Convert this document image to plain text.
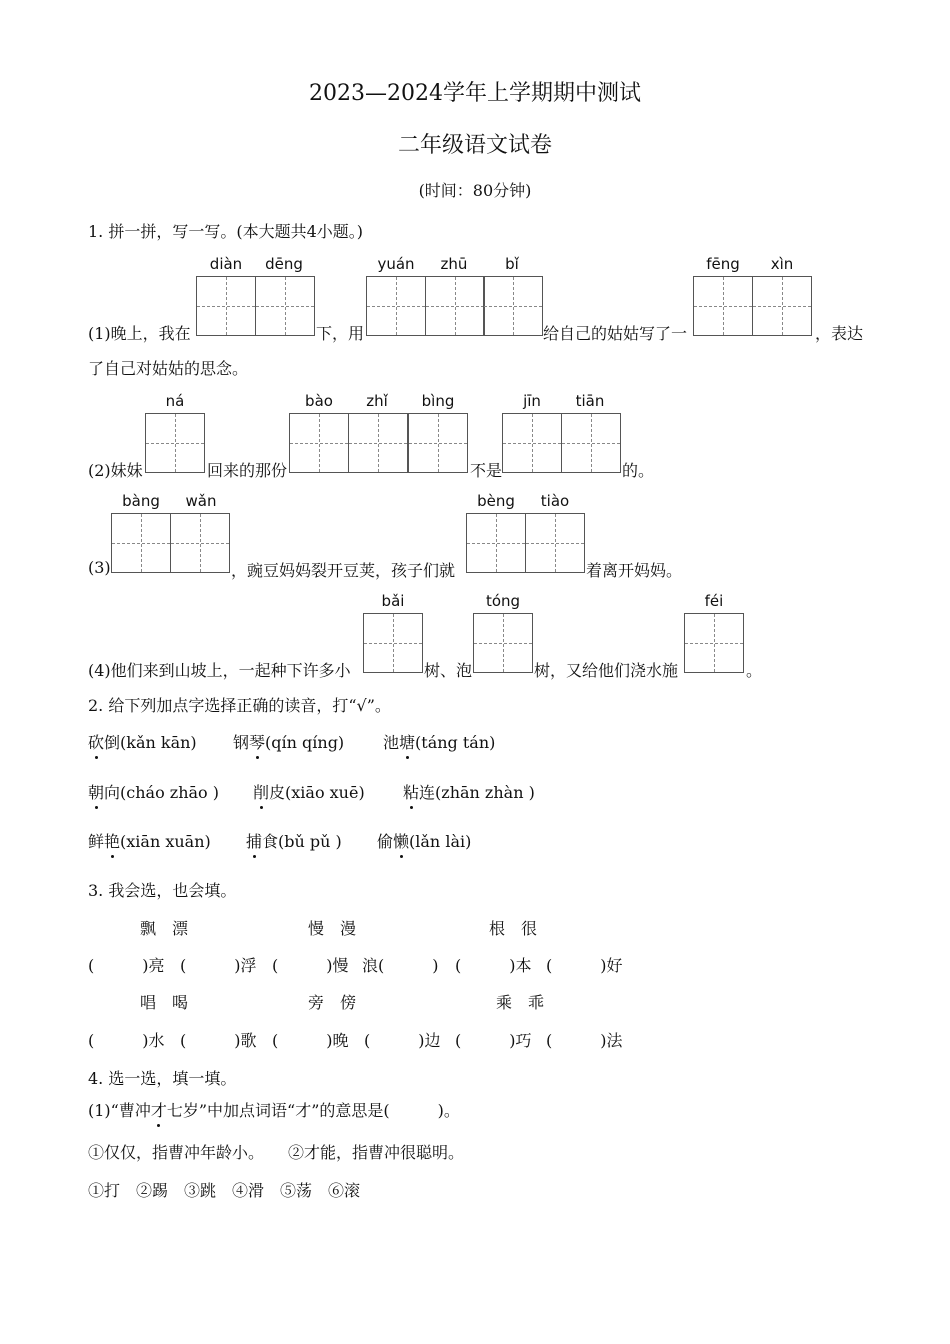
2023—2024学年上学期期中测试
二年级语文试卷
(时间：80分钟)
1. 拼一拼，写一写。(本大题共4小题。)
diàn	dēng	yuán	zhū	bǐ	fēng	xìn
(1)晚上，我在	下，用	给自己的姑姑写了一	，表达
了自己对姑姑的思念。
ná	bào	zhǐ	bìng	jīn	tiān
(2)妹妹	回来的那份	不是	的。
bàng	wǎn	bèng	tiào
(3)	，豌豆妈妈裂开豆荚，孩子们就	着离开妈妈。
bǎi	tóng	féi
(4)他们来到山坡上，一起种下许多小	树、泡	树，又给他们浇水施	。
2. 给下列加点字选择正确的读音，打“√”。
砍倒(kǎn kān) 钢琴(qín qíng) 池塘(táng tán)
朝向(cháo zhāo ) 削皮(xiāo xuē) 粘连(zhān zhàn )
鲜艳(xiān xuān) 捕食(bǔ pǔ ) 偷懒(lǎn lài)
3. 我会选，也会填。
飘　漂	慢　漫	根　很
(　　　)亮 (　　　)浮 (　　　)慢 浪(　　　) (　　　)本 (　　　)好
唱　喝	旁　傍	乘　乖
(　　　)水 (　　　)歌 (　　　)晚 (　　　)边 (　　　)巧 (　　　)法
4. 选一选，填一填。
(1)“曹冲才七岁”中加点词语“才”的意思是(　　　)。
①仅仅，指曹冲年龄小。　　②才能，指曹冲很聪明。
①打　②踢　③跳　④滑　⑤荡　⑥滚
